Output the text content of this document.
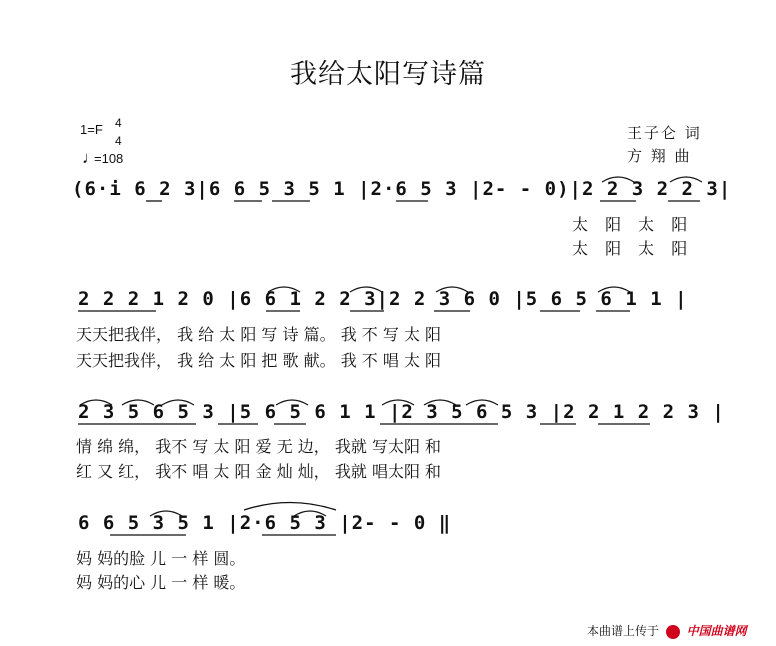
我给太阳写诗篇
1=F 4
4
♩
=108
王子仑 词
方 翔 曲
(6·i 6 2 3|6 6 5 3 5 1 |2·6 5 3 |2- - 0)|2 2 3 2 2 3|
太 阳 太 阳
太 阳 太 阳
2 2 2 1 2 0 |6 6 1 2 2 3|2 2 3 6 0 |5 6 5 6 1 1 |
天天把我伴， 我 给 太 阳 写 诗 篇。 我 不 写 太 阳
天天把我伴， 我 给 太 阳 把 歌 献。 我 不 唱 太 阳
2 3 5 6 5 3 |5 6 5 6 1 1 |2 3 5 6 5 3 |2 2 1 2 2 3 |
情 绵 绵， 我不 写 太 阳 爱 无 边， 我就 写太阳 和
红 又 红， 我不 唱 太 阳 金 灿 灿， 我就 唱太阳 和
6 6 5 3 5 1 |2·6 5 3 |2- - 0 ‖
妈 妈的脸 儿 一 样 圆。
妈 妈的心 儿 一 样 暖。
本曲谱上传于 中国曲谱网
